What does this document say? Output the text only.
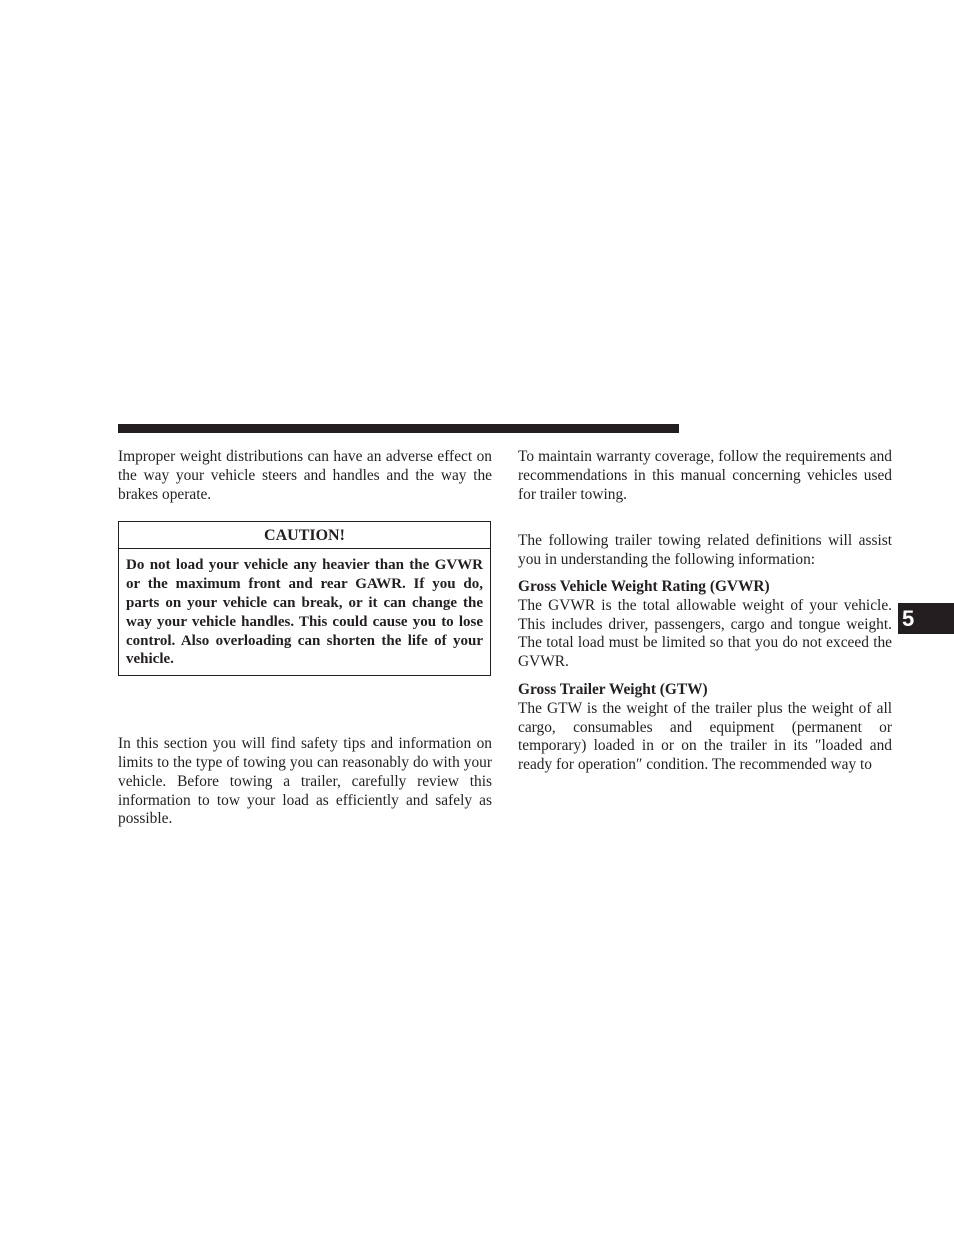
Improper weight distributions can have an adverse effect on the way your vehicle steers and handles and the way the brakes operate.

CAUTION!
Do not load your vehicle any heavier than the GVWR or the maximum front and rear GAWR. If you do, parts on your vehicle can break, or it can change the way your vehicle handles. This could cause you to lose control. Also overloading can shorten the life of your vehicle.

In this section you will find safety tips and information on limits to the type of towing you can reasonably do with your vehicle. Before towing a trailer, carefully review this information to tow your load as efficiently and safely as possible.

To maintain warranty coverage, follow the requirements and recommendations in this manual concerning vehicles used for trailer towing.

The following trailer towing related definitions will assist you in understanding the following information:

Gross Vehicle Weight Rating (GVWR)

The GVWR is the total allowable weight of your vehicle. This includes driver, passengers, cargo and tongue weight. The total load must be limited so that you do not exceed the GVWR.

Gross Trailer Weight (GTW)

The GTW is the weight of the trailer plus the weight of all cargo, consumables and equipment (permanent or temporary) loaded in or on the trailer in its ″loaded and ready for operation″ condition. The recommended way to

5
